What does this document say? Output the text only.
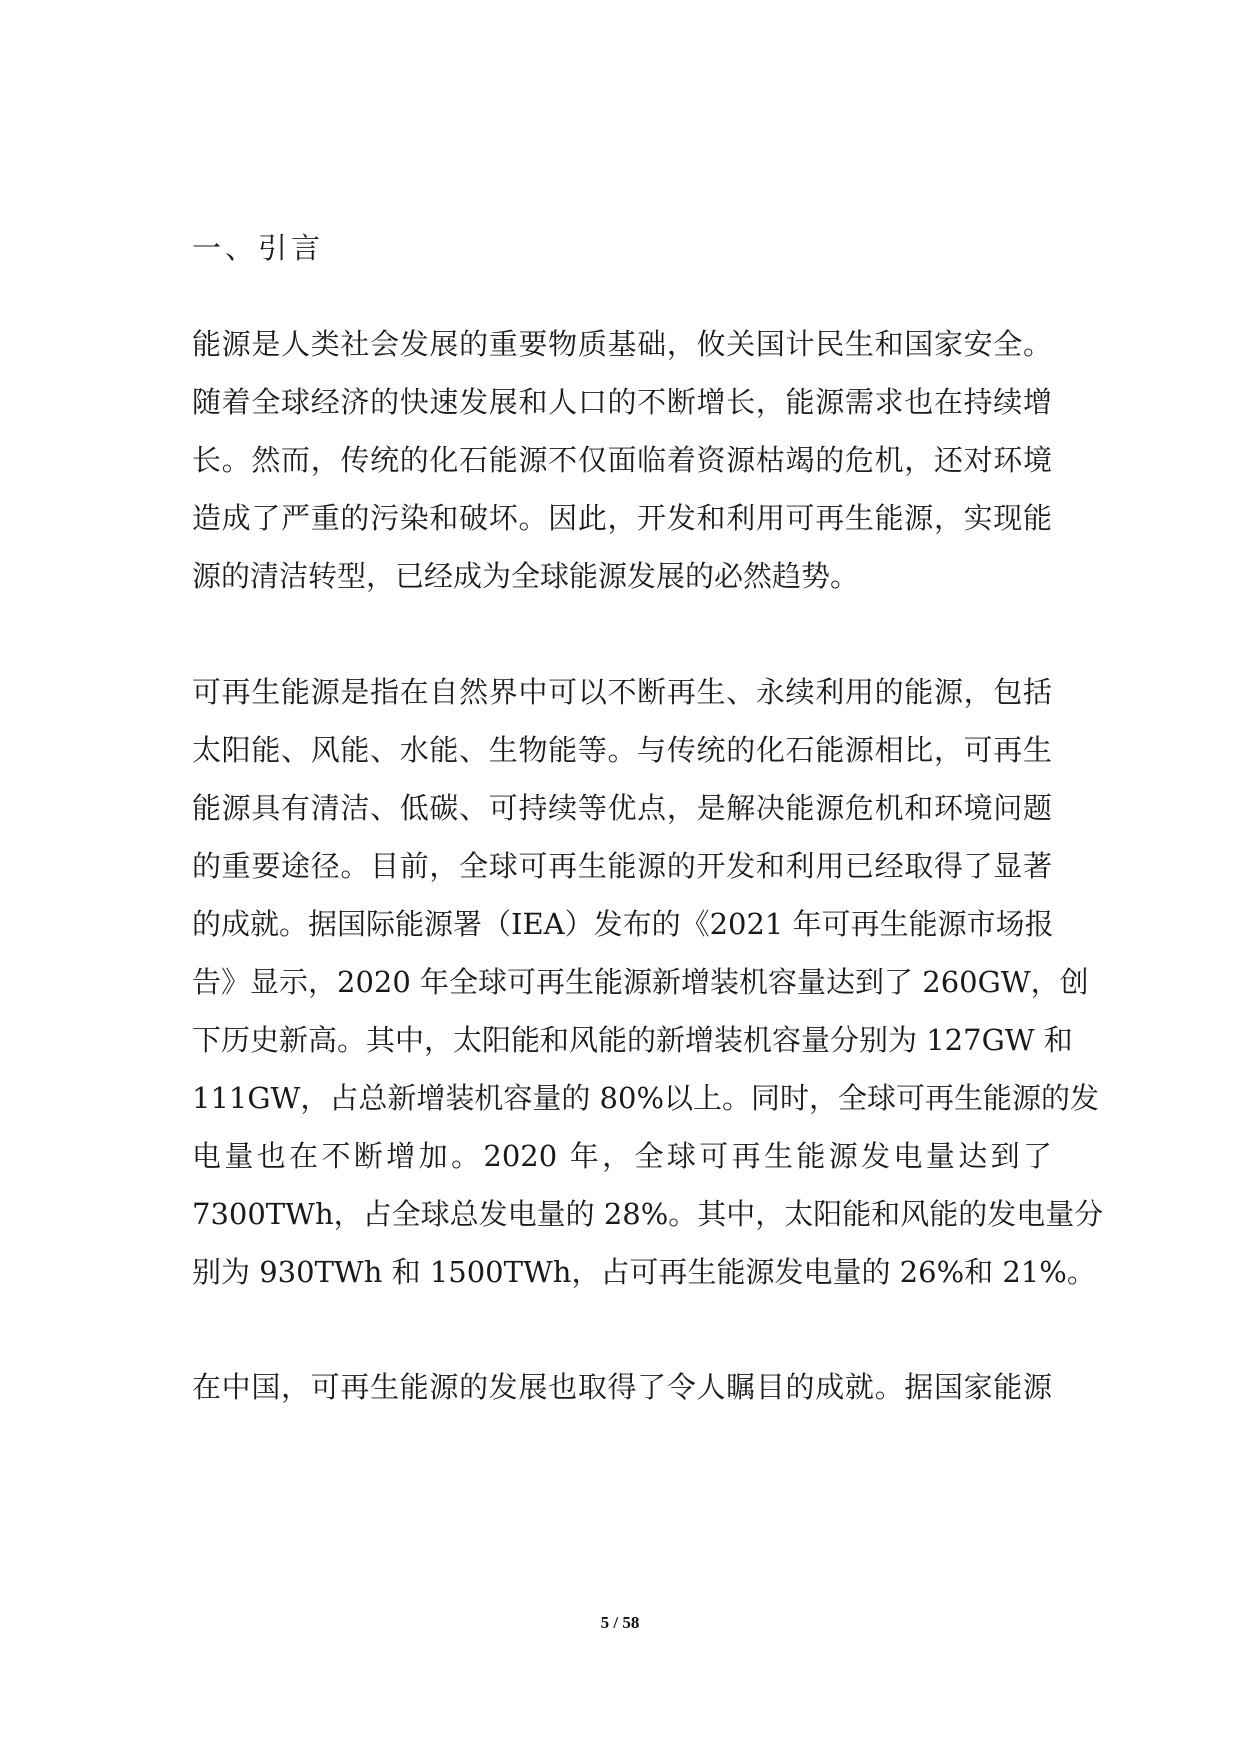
一、引言
能源是人类社会发展的重要物质基础，攸关国计民生和国家安全。
随着全球经济的快速发展和人口的不断增长，能源需求也在持续增
长。然而，传统的化石能源不仅面临着资源枯竭的危机，还对环境
造成了严重的污染和破坏。因此，开发和利用可再生能源，实现能
源的清洁转型，已经成为全球能源发展的必然趋势。
可再生能源是指在自然界中可以不断再生、永续利用的能源，包括
太阳能、风能、水能、生物能等。与传统的化石能源相比，可再生
能源具有清洁、低碳、可持续等优点，是解决能源危机和环境问题
的重要途径。目前，全球可再生能源的开发和利用已经取得了显著
的成就。据国际能源署（IEA）发布的《2021 年可再生能源市场报
告》显示，2020 年全球可再生能源新增装机容量达到了 260GW，创
下历史新高。其中，太阳能和风能的新增装机容量分别为 127GW 和
111GW，占总新增装机容量的 80%以上。同时，全球可再生能源的发
电量也在不断增加。2020 年，全球可再生能源发电量达到了
7300TWh，占全球总发电量的 28%。其中，太阳能和风能的发电量分
别为 930TWh 和 1500TWh，占可再生能源发电量的 26%和 21%。
在中国，可再生能源的发展也取得了令人瞩目的成就。据国家能源
5 / 58
